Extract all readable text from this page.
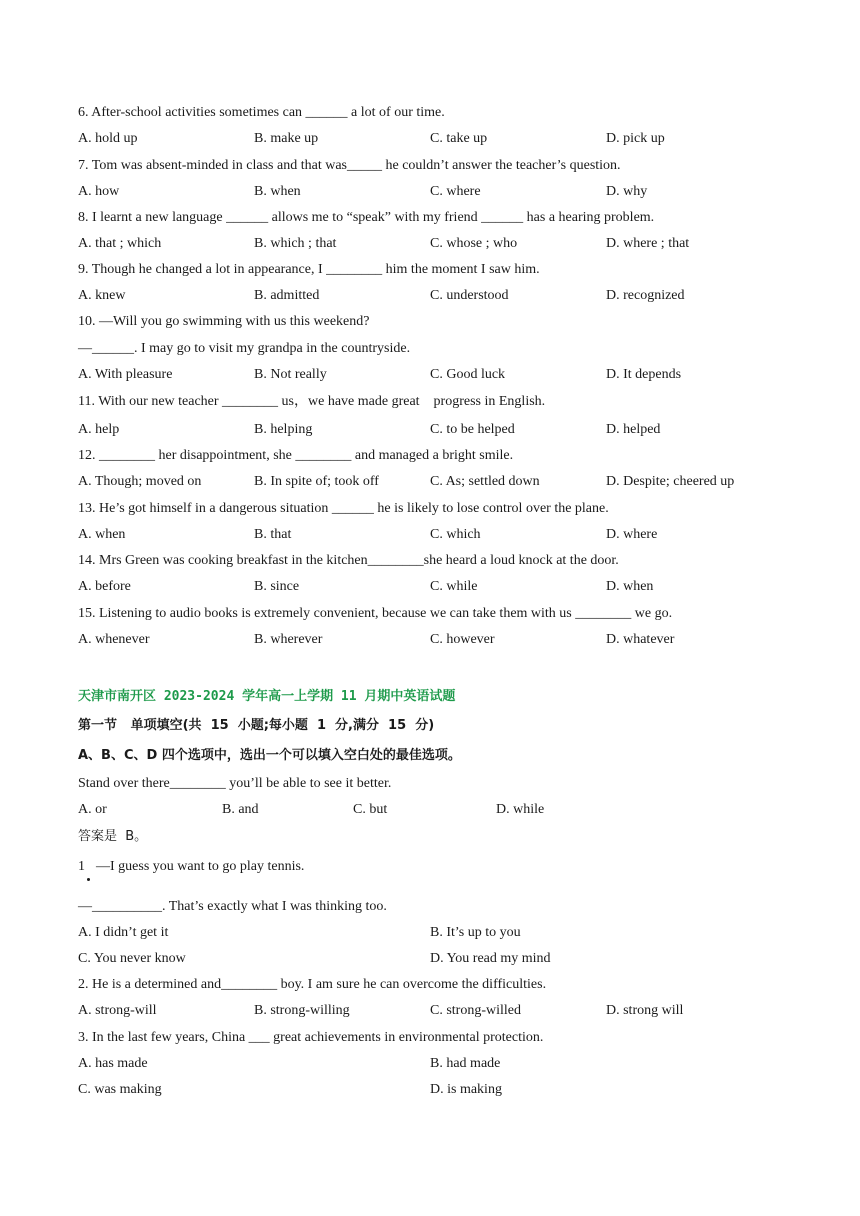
6. After-school activities sometimes can ______ a lot of our time.
A. hold up	B. make up	C. take up	D. pick up
7. Tom was absent-minded in class and that was_____ he couldn’t answer the teacher’s question.
A. how	B. when	C. where	D. why
8. I learnt a new language ______ allows me to “speak” with my friend ______ has a hearing problem.
A. that ; which	B. which ; that	C. whose ; who	D. where ; that
9. Though he changed a lot in appearance, I ________ him the moment I saw him.
A. knew	B. admitted	C. understood	D. recognized
10. —Will you go swimming with us this weekend?
—______. I may go to visit my grandpa in the countryside.
A. With pleasure	B. Not really	C. Good luck	D. It depends
11. With our new teacher ________ us，we have made great    progress in English.
A. help	B. helping	C. to be helped	D. helped
12. ________ her disappointment, she ________ and managed a bright smile.
A. Though; moved on	B. In spite of; took off	C. As; settled down	D. Despite; cheered up
13. He’s got himself in a dangerous situation ______ he is likely to lose control over the plane.
A. when	B. that	C. which	D. where
14. Mrs Green was cooking breakfast in the kitchen________she heard a loud knock at the door.
A. before	B. since	C. while	D. when
15. Listening to audio books is extremely convenient, because we can take them with us ________ we go.
A. whenever	B. wherever	C. however	D. whatever
天津市南开区 2023-2024 学年高一上学期 11 月期中英语试题
第一节   单项填空(共  15  小题;每小题  1  分,满分  15  分)
A、B、C、D 四个选项中，选出一个可以填入空白处的最佳选项。
Stand over there________ you’ll be able to see it better.
A. or	B. and	C. but	D. while
答案是  B。
1 —I guess you want to go play tennis.
—__________. That’s exactly what I was thinking too.
A. I didn’t get it	B. It’s up to you
C. You never know	D. You read my mind
2. He is a determined and________ boy. I am sure he can overcome the difficulties.
A. strong-will	B. strong-willing	C. strong-willed	D. strong will
3. In the last few years, China ___ great achievements in environmental protection.
A. has made	B. had made
C. was making	D. is making
